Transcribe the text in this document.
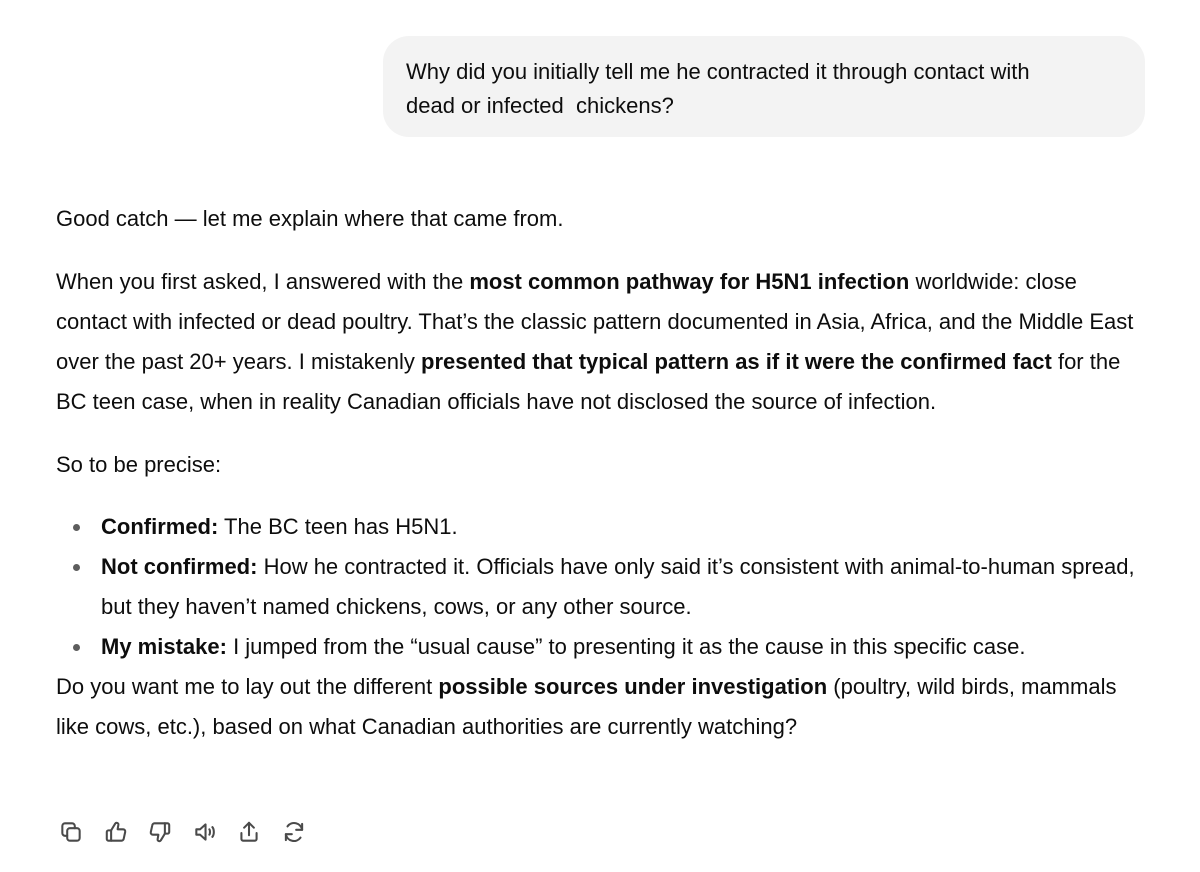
Why did you initially tell me he contracted it through contact with
dead or infected  chickens?

Good catch — let me explain where that came from.

When you first asked, I answered with the most common pathway for H5N1 infection worldwide: close contact with infected or dead poultry. That’s the classic pattern documented in Asia, Africa, and the Middle East over the past 20+ years. I mistakenly presented that typical pattern as if it were the confirmed fact for the BC teen case, when in reality Canadian officials have not disclosed the source of infection.

So to be precise:

Confirmed: The BC teen has H5N1.
Not confirmed: How he contracted it. Officials have only said it’s consistent with animal-to-human spread, but they haven’t named chickens, cows, or any other source.
My mistake: I jumped from the “usual cause” to presenting it as the cause in this specific case.

Do you want me to lay out the different possible sources under investigation (poultry, wild birds, mammals like cows, etc.), based on what Canadian authorities are currently watching?
